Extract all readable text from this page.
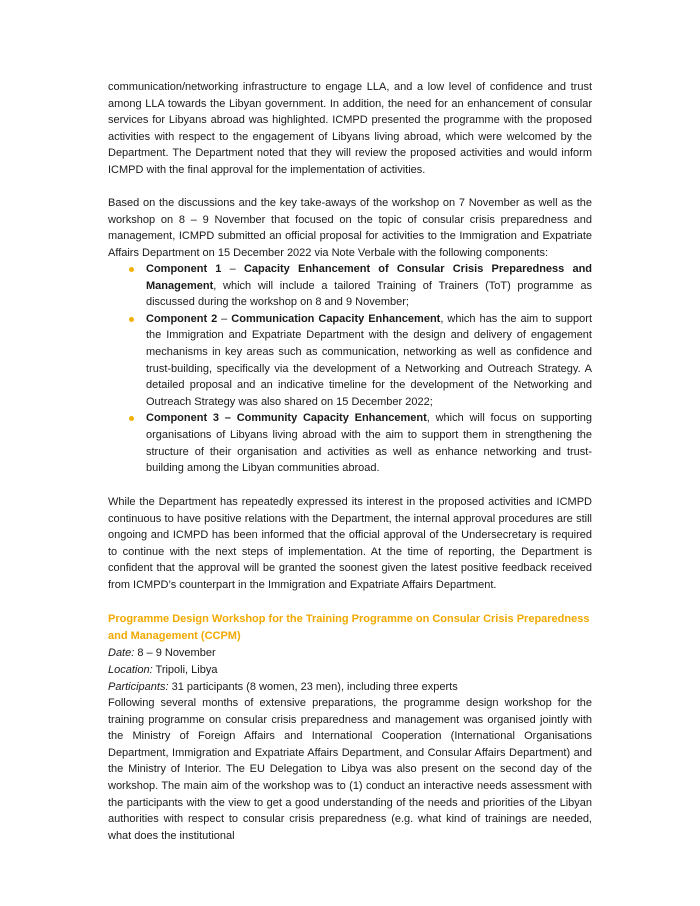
communication/networking infrastructure to engage LLA, and a low level of confidence and trust among LLA towards the Libyan government. In addition, the need for an enhancement of consular services for Libyans abroad was highlighted. ICMPD presented the programme with the proposed activities with respect to the engagement of Libyans living abroad, which were welcomed by the Department. The Department noted that they will review the proposed activities and would inform ICMPD with the final approval for the implementation of activities.
Based on the discussions and the key take-aways of the workshop on 7 November as well as the workshop on 8 – 9 November that focused on the topic of consular crisis preparedness and management, ICMPD submitted an official proposal for activities to the Immigration and Expatriate Affairs Department on 15 December 2022 via Note Verbale with the following components:
Component 1 – Capacity Enhancement of Consular Crisis Preparedness and Management, which will include a tailored Training of Trainers (ToT) programme as discussed during the workshop on 8 and 9 November;
Component 2 – Communication Capacity Enhancement, which has the aim to support the Immigration and Expatriate Department with the design and delivery of engagement mechanisms in key areas such as communication, networking as well as confidence and trust-building, specifically via the development of a Networking and Outreach Strategy. A detailed proposal and an indicative timeline for the development of the Networking and Outreach Strategy was also shared on 15 December 2022;
Component 3 – Community Capacity Enhancement, which will focus on supporting organisations of Libyans living abroad with the aim to support them in strengthening the structure of their organisation and activities as well as enhance networking and trust-building among the Libyan communities abroad.
While the Department has repeatedly expressed its interest in the proposed activities and ICMPD continuous to have positive relations with the Department, the internal approval procedures are still ongoing and ICMPD has been informed that the official approval of the Undersecretary is required to continue with the next steps of implementation. At the time of reporting, the Department is confident that the approval will be granted the soonest given the latest positive feedback received from ICMPD’s counterpart in the Immigration and Expatriate Affairs Department.
Programme Design Workshop for the Training Programme on Consular Crisis Preparedness and Management (CCPM)
Date: 8 – 9 November
Location: Tripoli, Libya
Participants: 31 participants (8 women, 23 men), including three experts
Following several months of extensive preparations, the programme design workshop for the training programme on consular crisis preparedness and management was organised jointly with the Ministry of Foreign Affairs and International Cooperation (International Organisations Department, Immigration and Expatriate Affairs Department, and Consular Affairs Department) and the Ministry of Interior. The EU Delegation to Libya was also present on the second day of the workshop. The main aim of the workshop was to (1) conduct an interactive needs assessment with the participants with the view to get a good understanding of the needs and priorities of the Libyan authorities with respect to consular crisis preparedness (e.g. what kind of trainings are needed, what does the institutional
